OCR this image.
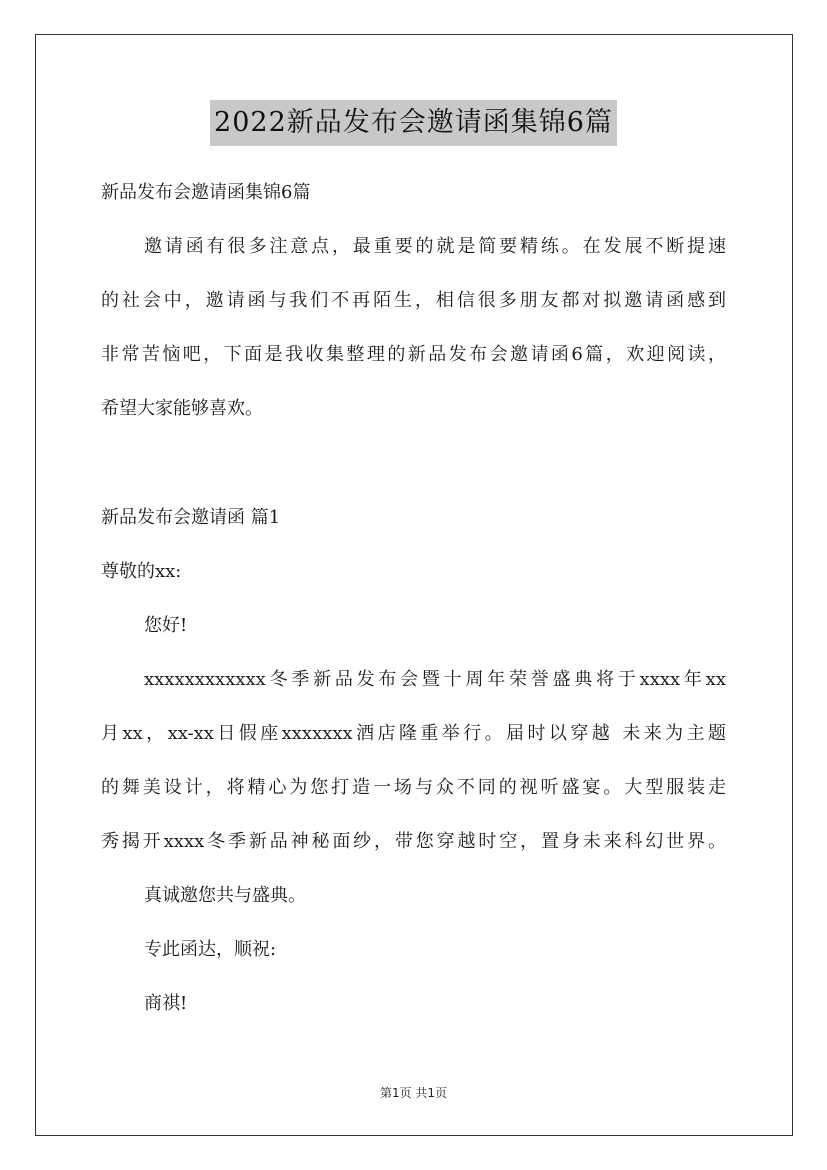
2022新品发布会邀请函集锦6篇
新品发布会邀请函集锦6篇
邀请函有很多注意点，最重要的就是简要精练。在发展不断提速
的社会中，邀请函与我们不再陌生，相信很多朋友都对拟邀请函感到
非常苦恼吧，下面是我收集整理的新品发布会邀请函6篇，欢迎阅读，
希望大家能够喜欢。
新品发布会邀请函 篇1
尊敬的xx:
您好!
xxxxxxxxxxxx冬季新品发布会暨十周年荣誉盛典将于xxxx年xx
月xx，xx-xx日假座xxxxxxx酒店隆重举行。届时以穿越 未来为主题
的舞美设计，将精心为您打造一场与众不同的视听盛宴。大型服装走
秀揭开xxxx冬季新品神秘面纱，带您穿越时空，置身未来科幻世界。
真诚邀您共与盛典。
专此函达，顺祝:
商祺!
第1页 共1页
